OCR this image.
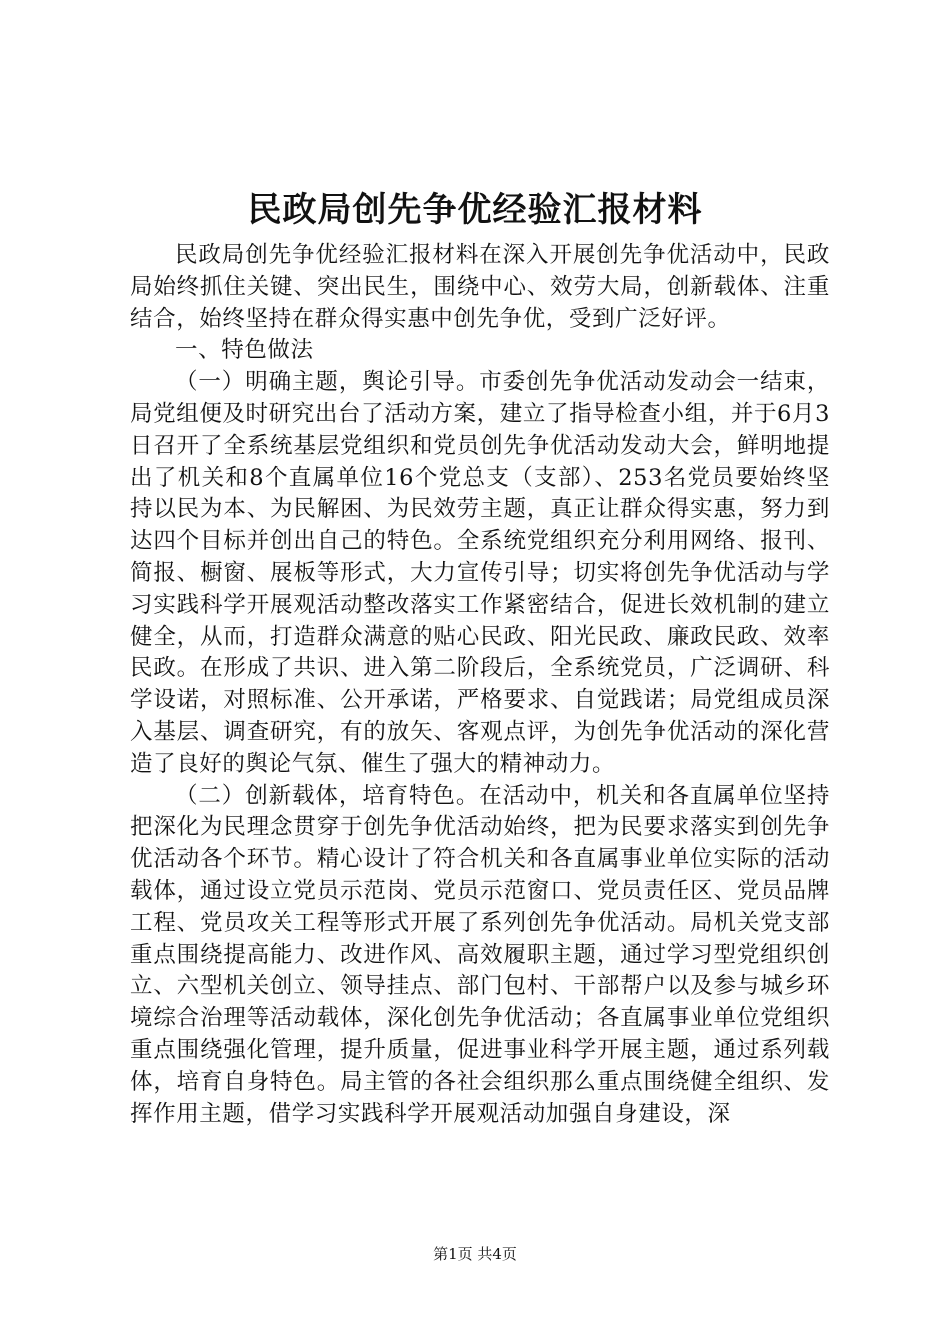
民政局创先争优经验汇报材料

民政局创先争优经验汇报材料在深入开展创先争优活动中，民政局始终抓住关键、突出民生，围绕中心、效劳大局，创新载体、注重结合，始终坚持在群众得实惠中创先争优，受到广泛好评。

一、特色做法

（一）明确主题，舆论引导。市委创先争优活动发动会一结束，局党组便及时研究出台了活动方案，建立了指导检查小组，并于6月3日召开了全系统基层党组织和党员创先争优活动发动大会，鲜明地提出了机关和8个直属单位16个党总支（支部）、253名党员要始终坚持以民为本、为民解困、为民效劳主题，真正让群众得实惠，努力到达四个目标并创出自己的特色。全系统党组织充分利用网络、报刊、简报、橱窗、展板等形式，大力宣传引导；切实将创先争优活动与学习实践科学开展观活动整改落实工作紧密结合，促进长效机制的建立健全，从而，打造群众满意的贴心民政、阳光民政、廉政民政、效率民政。在形成了共识、进入第二阶段后，全系统党员，广泛调研、科学设诺，对照标准、公开承诺，严格要求、自觉践诺；局党组成员深入基层、调查研究，有的放矢、客观点评，为创先争优活动的深化营造了良好的舆论气氛、催生了强大的精神动力。

（二）创新载体，培育特色。在活动中，机关和各直属单位坚持把深化为民理念贯穿于创先争优活动始终，把为民要求落实到创先争优活动各个环节。精心设计了符合机关和各直属事业单位实际的活动载体，通过设立党员示范岗、党员示范窗口、党员责任区、党员品牌工程、党员攻关工程等形式开展了系列创先争优活动。局机关党支部重点围绕提高能力、改进作风、高效履职主题，通过学习型党组织创立、六型机关创立、领导挂点、部门包村、干部帮户以及参与城乡环境综合治理等活动载体，深化创先争优活动；各直属事业单位党组织重点围绕强化管理，提升质量，促进事业科学开展主题，通过系列载体，培育自身特色。局主管的各社会组织那么重点围绕健全组织、发挥作用主题，借学习实践科学开展观活动加强自身建设，深

第1页 共4页
